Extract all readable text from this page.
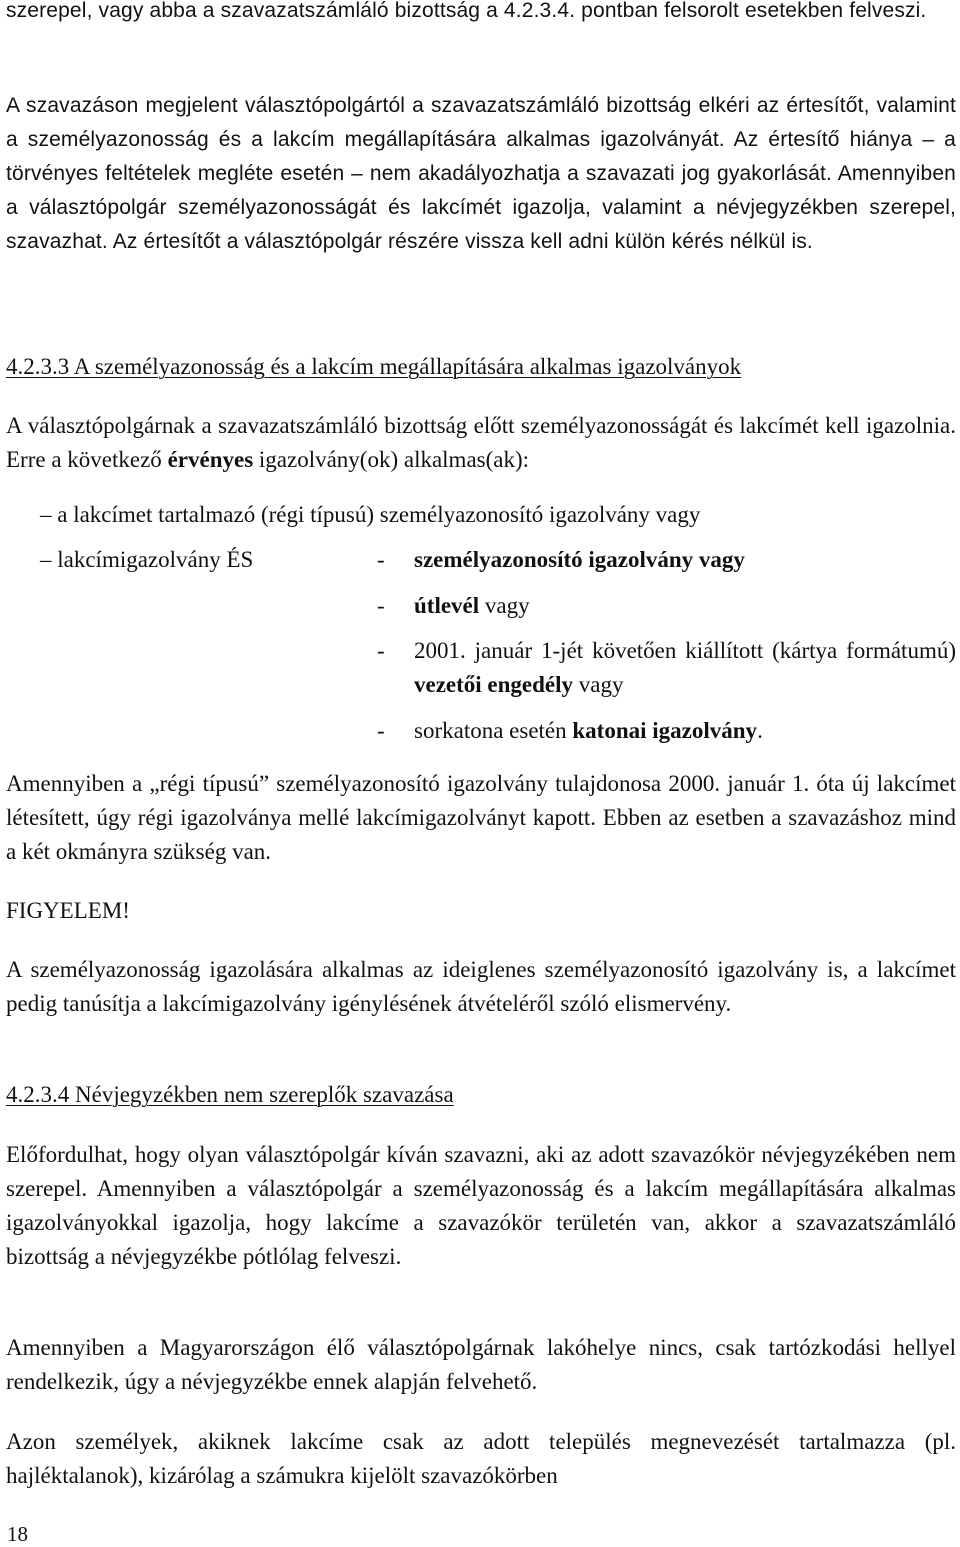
szerepel, vagy abba a szavazatszámláló bizottság a 4.2.3.4. pontban felsorolt esetekben felveszi.

A szavazáson megjelent választópolgártól a szavazatszámláló bizottság elkéri az értesítőt, valamint a személyazonosság és a lakcím megállapítására alkalmas igazolványát. Az értesítő hiánya – a törvényes feltételek megléte esetén – nem akadályozhatja a szavazati jog gyakorlását. Amennyiben a választópolgár személyazonosságát és lakcímét igazolja, valamint a névjegyzékben szerepel, szavazhat. Az értesítőt a választópolgár részére vissza kell adni külön kérés nélkül is.

4.2.3.3 A személyazonosság és a lakcím megállapítására alkalmas igazolványok

A választópolgárnak a szavazatszámláló bizottság előtt személyazonosságát és lakcímét kell igazolnia. Erre a következő érvényes igazolvány(ok) alkalmas(ak):

– a lakcímet tartalmazó (régi típusú) személyazonosító igazolvány vagy

– lakcímigazolvány ÉS	- személyazonosító igazolvány vagy

- útlevél vagy

- 2001. január 1-jét követően kiállított (kártya formátumú) vezetői engedély vagy

- sorkatona esetén katonai igazolvány.

Amennyiben a „régi típusú” személyazonosító igazolvány tulajdonosa 2000. január 1. óta új lakcímet létesített, úgy régi igazolványa mellé lakcímigazolványt kapott. Ebben az esetben a szavazáshoz mind a két okmányra szükség van.

FIGYELEM!

A személyazonosság igazolására alkalmas az ideiglenes személyazonosító igazolvány is, a lakcímet pedig tanúsítja a lakcímigazolvány igénylésének átvételéről szóló elismervény.

4.2.3.4 Névjegyzékben nem szereplők szavazása

Előfordulhat, hogy olyan választópolgár kíván szavazni, aki az adott szavazókör névjegyzékében nem szerepel. Amennyiben a választópolgár a személyazonosság és a lakcím megállapítására alkalmas igazolványokkal igazolja, hogy lakcíme a szavazókör területén van, akkor a szavazatszámláló bizottság a névjegyzékbe pótlólag felveszi.

Amennyiben a Magyarországon élő választópolgárnak lakóhelye nincs, csak tartózkodási hellyel rendelkezik, úgy a névjegyzékbe ennek alapján felvehető.

Azon személyek, akiknek lakcíme csak az adott település megnevezését tartalmazza (pl. hajléktalanok), kizárólag a számukra kijelölt szavazókörben

18
